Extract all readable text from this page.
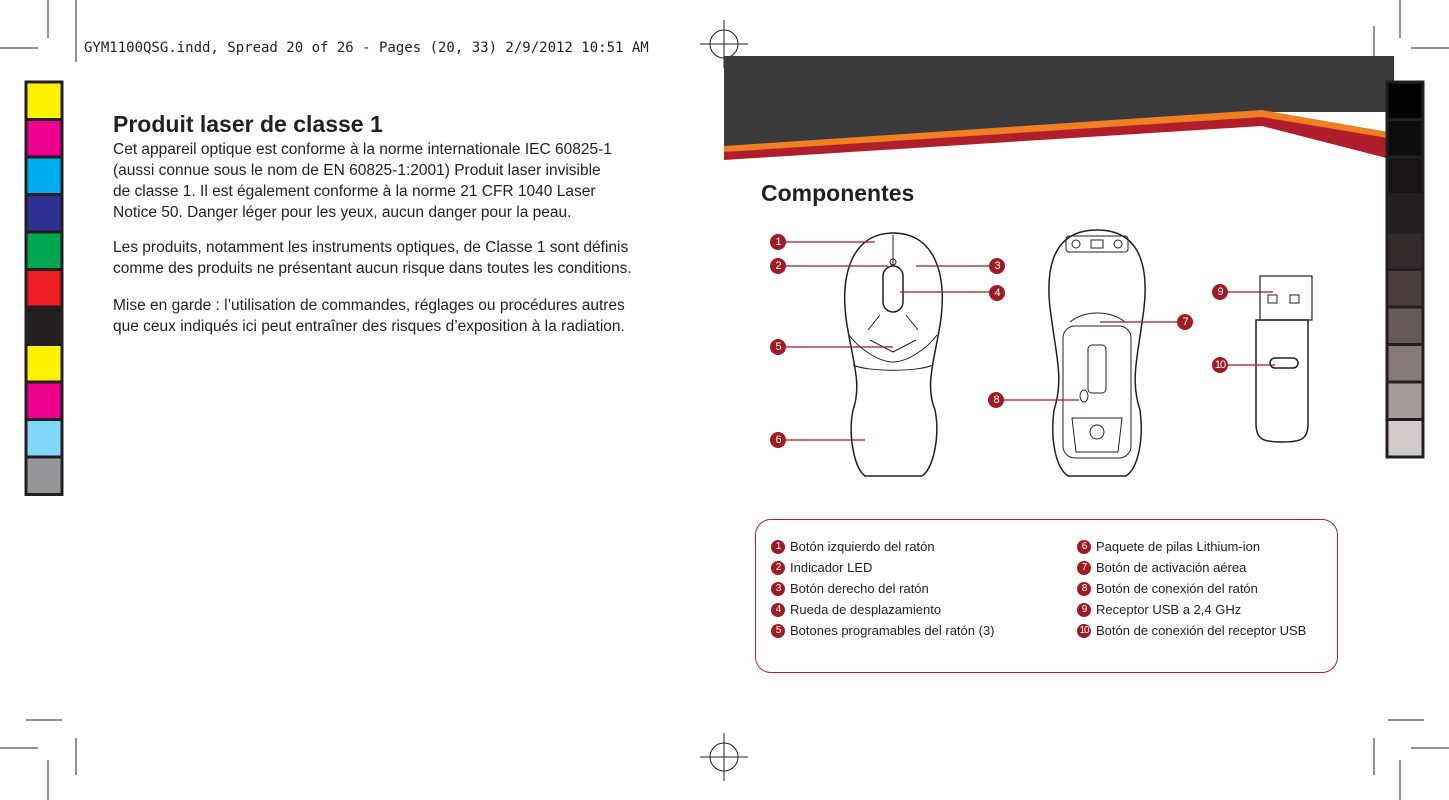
GYM1100QSG.indd, Spread 20 of 26 - Pages (20, 33) 2/9/2012 10:51 AM
1
2	3
4
5
6
7
8
9
10
Produit laser de classe 1
Cet appareil optique est conforme à la norme internationale IEC 60825-1
(aussi connue sous le nom de EN 60825-1:2001) Produit laser invisible
de classe 1. Il est également conforme à la norme 21 CFR 1040 Laser
Notice 50. Danger léger pour les yeux, aucun danger pour la peau.
Les produits, notamment les instruments optiques, de Classe 1 sont définis
comme des produits ne présentant aucun risque dans toutes les conditions.
Mise en garde : l’utilisation de commandes, réglages ou procédures autres
que ceux indiqués ici peut entraîner des risques d’exposition à la radiation.
Componentes
1 Botón izquierdo del ratón
2 Indicador LED
3 Botón derecho del ratón
4 Rueda de desplazamiento
5 Botones programables del ratón (3)
6 Paquete de pilas Lithium-ion
7 Botón de activación aérea
8 Botón de conexión del ratón
9 Receptor USB a 2,4 GHz
10 Botón de conexión del receptor USB
